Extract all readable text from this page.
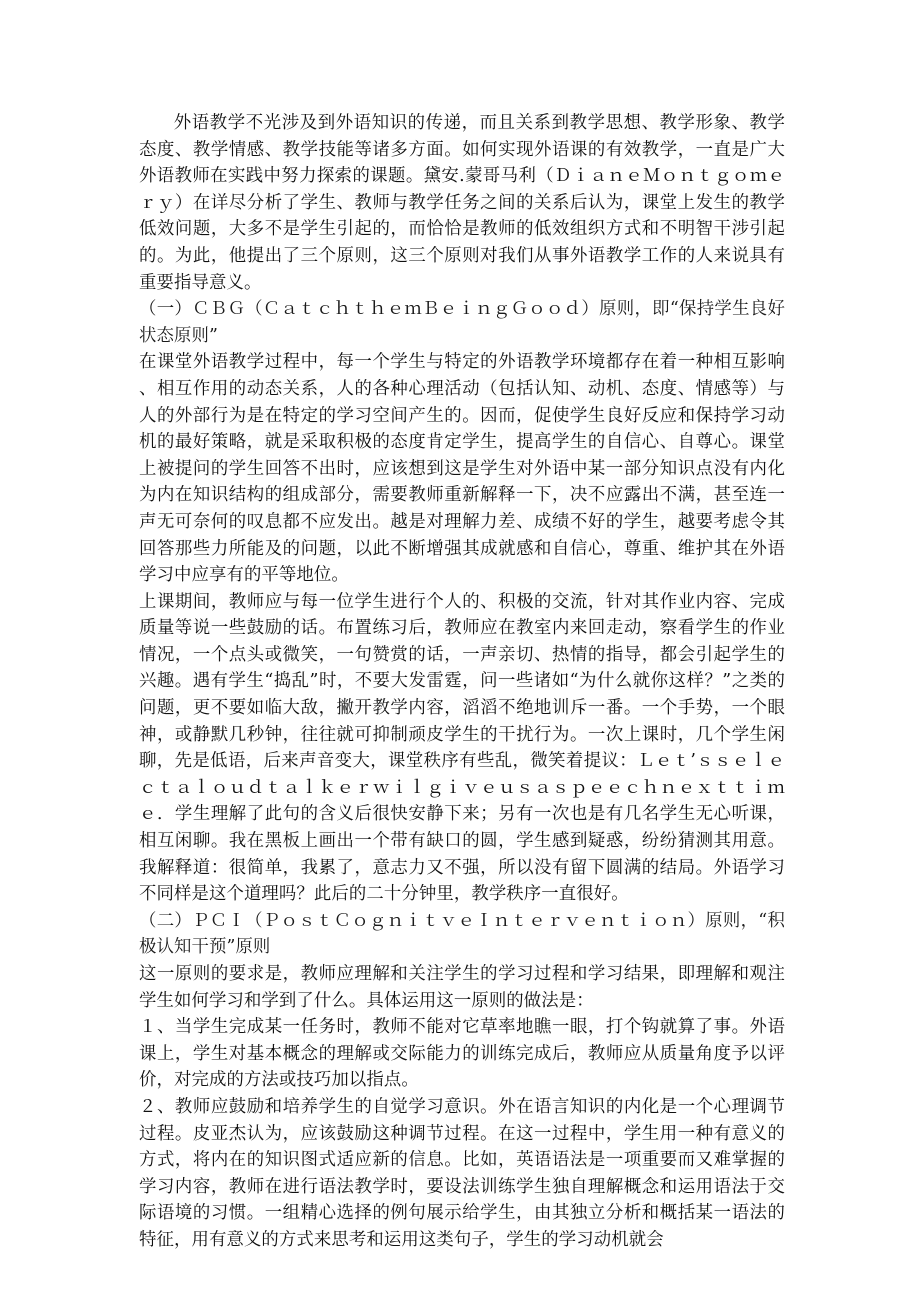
外语教学不光涉及到外语知识的传递，而且关系到教学思想、教学形象、教学态度、教学情感、教学技能等诸多方面。如何实现外语课的有效教学，一直是广大外语教师在实践中努力探索的课题。黛安.蒙哥马利（ＤｉａｎｅＭｏｎｔｇｏｍｅｒｙ）在详尽分析了学生、教师与教学任务之间的关系后认为，课堂上发生的教学低效问题，大多不是学生引起的，而恰恰是教师的低效组织方式和不明智干涉引起的。为此，他提出了三个原则，这三个原则对我们从事外语教学工作的人来说具有重要指导意义。

（一）ＣＢＧ（ＣａｔｃｈｔｈｅｍＢｅｉｎｇＧｏｏｄ）原则，即“保持学生良好状态原则”

在课堂外语教学过程中，每一个学生与特定的外语教学环境都存在着一种相互影响、相互作用的动态关系，人的各种心理活动（包括认知、动机、态度、情感等）与人的外部行为是在特定的学习空间产生的。因而，促使学生良好反应和保持学习动机的最好策略，就是采取积极的态度肯定学生，提高学生的自信心、自尊心。课堂上被提问的学生回答不出时，应该想到这是学生对外语中某一部分知识点没有内化为内在知识结构的组成部分，需要教师重新解释一下，决不应露出不满，甚至连一声无可奈何的叹息都不应发出。越是对理解力差、成绩不好的学生，越要考虑令其回答那些力所能及的问题，以此不断增强其成就感和自信心，尊重、维护其在外语学习中应享有的平等地位。

上课期间，教师应与每一位学生进行个人的、积极的交流，针对其作业内容、完成质量等说一些鼓励的话。布置练习后，教师应在教室内来回走动，察看学生的作业情况，一个点头或微笑，一句赞赏的话，一声亲切、热情的指导，都会引起学生的兴趣。遇有学生“捣乱”时，不要大发雷霆，问一些诸如“为什么就你这样？”之类的问题，更不要如临大敌，撇开教学内容，滔滔不绝地训斥一番。一个手势，一个眼神，或静默几秒钟，往往就可抑制顽皮学生的干扰行为。一次上课时，几个学生闲聊，先是低语，后来声音变大，课堂秩序有些乱，微笑着提议：Ｌｅｔ’ｓｓｅｌｅｃｔａｌｏｕｄｔａｌｋｅｒｗｉｌｇｉｖｅｕｓａｓｐｅｅｃｈｎｅｘｔｔｉｍｅ．学生理解了此句的含义后很快安静下来；另有一次也是有几名学生无心听课，相互闲聊。我在黑板上画出一个带有缺口的圆，学生感到疑惑，纷纷猜测其用意。我解释道：很简单，我累了，意志力又不强，所以没有留下圆满的结局。外语学习不同样是这个道理吗？此后的二十分钟里，教学秩序一直很好。

（二）ＰＣＩ（ＰｏｓｔＣｏｇｎｉｔｖｅＩｎｔｅｒｖｅｎｔｉｏｎ）原则，“积极认知干预”原则

这一原则的要求是，教师应理解和关注学生的学习过程和学习结果，即理解和观注学生如何学习和学到了什么。具体运用这一原则的做法是：

１、当学生完成某一任务时，教师不能对它草率地瞧一眼，打个钩就算了事。外语课上，学生对基本概念的理解或交际能力的训练完成后，教师应从质量角度予以评价，对完成的方法或技巧加以指点。

２、教师应鼓励和培养学生的自觉学习意识。外在语言知识的内化是一个心理调节过程。皮亚杰认为，应该鼓励这种调节过程。在这一过程中，学生用一种有意义的方式，将内在的知识图式适应新的信息。比如，英语语法是一项重要而又难掌握的学习内容，教师在进行语法教学时，要设法训练学生独自理解概念和运用语法于交际语境的习惯。一组精心选择的例句展示给学生，由其独立分析和概括某一语法的特征，用有意义的方式来思考和运用这类句子，学生的学习动机就会
